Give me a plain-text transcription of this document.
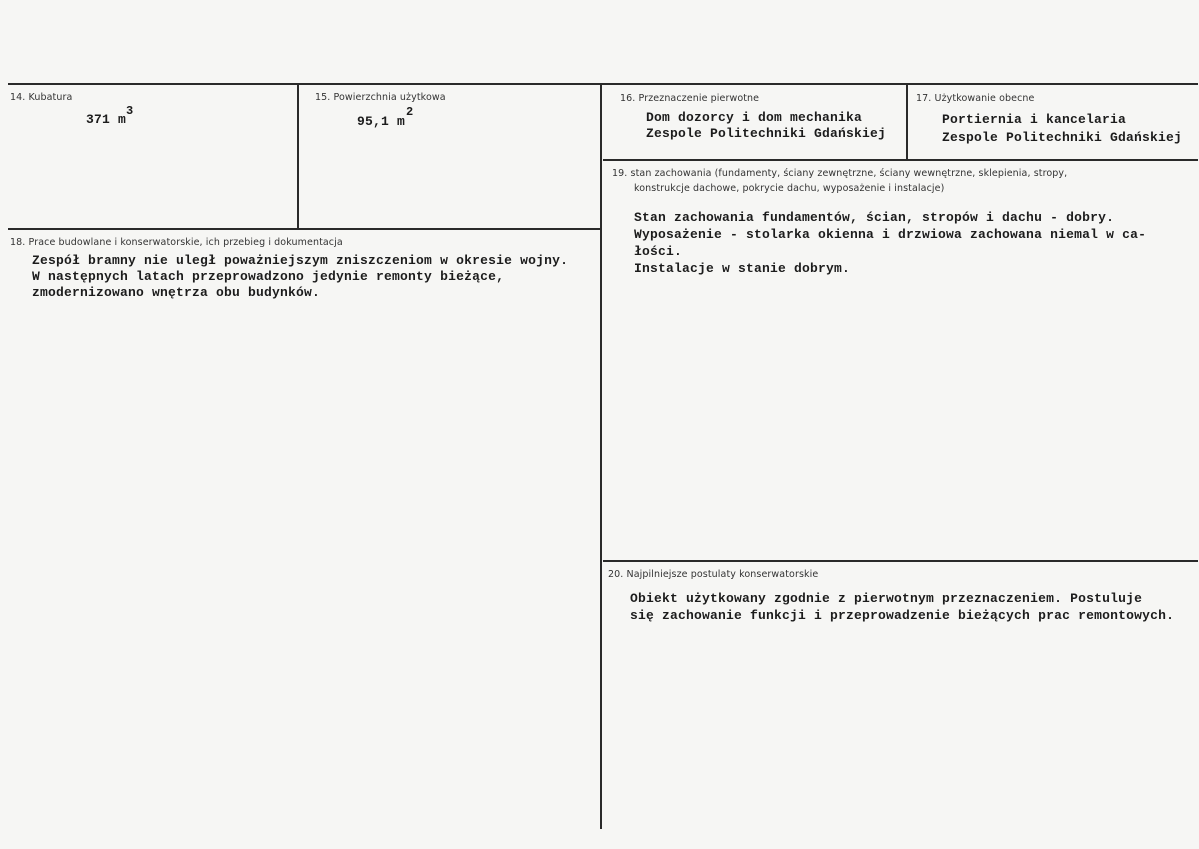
14. Kubatura
371 m
3
15. Powierzchnia użytkowa
95,1 m
2
16. Przeznaczenie pierwotne
Dom dozorcy i dom mechanika
Zespole Politechniki Gdańskiej
17. Użytkowanie obecne
Portiernia i kancelaria
Zespole Politechniki Gdańskiej
18. Prace budowlane i konserwatorskie, ich przebieg i dokumentacja
Zespół bramny nie uległ poważniejszym zniszczeniom w okresie wojny.
W następnych latach przeprowadzono jedynie remonty bieżące,
zmodernizowano wnętrza obu budynków.
19. stan zachowania (fundamenty, ściany zewnętrzne, ściany wewnętrzne, sklepienia, stropy,
konstrukcje dachowe, pokrycie dachu, wyposażenie i instalacje)
Stan zachowania fundamentów, ścian, stropów i dachu - dobry.
Wyposażenie - stolarka okienna i drzwiowa zachowana niemal w ca-
łości.
Instalacje w stanie dobrym.
20. Najpilniejsze postulaty konserwatorskie
Obiekt użytkowany zgodnie z pierwotnym przeznaczeniem. Postuluje
się zachowanie funkcji i przeprowadzenie bieżących prac remontowych.
